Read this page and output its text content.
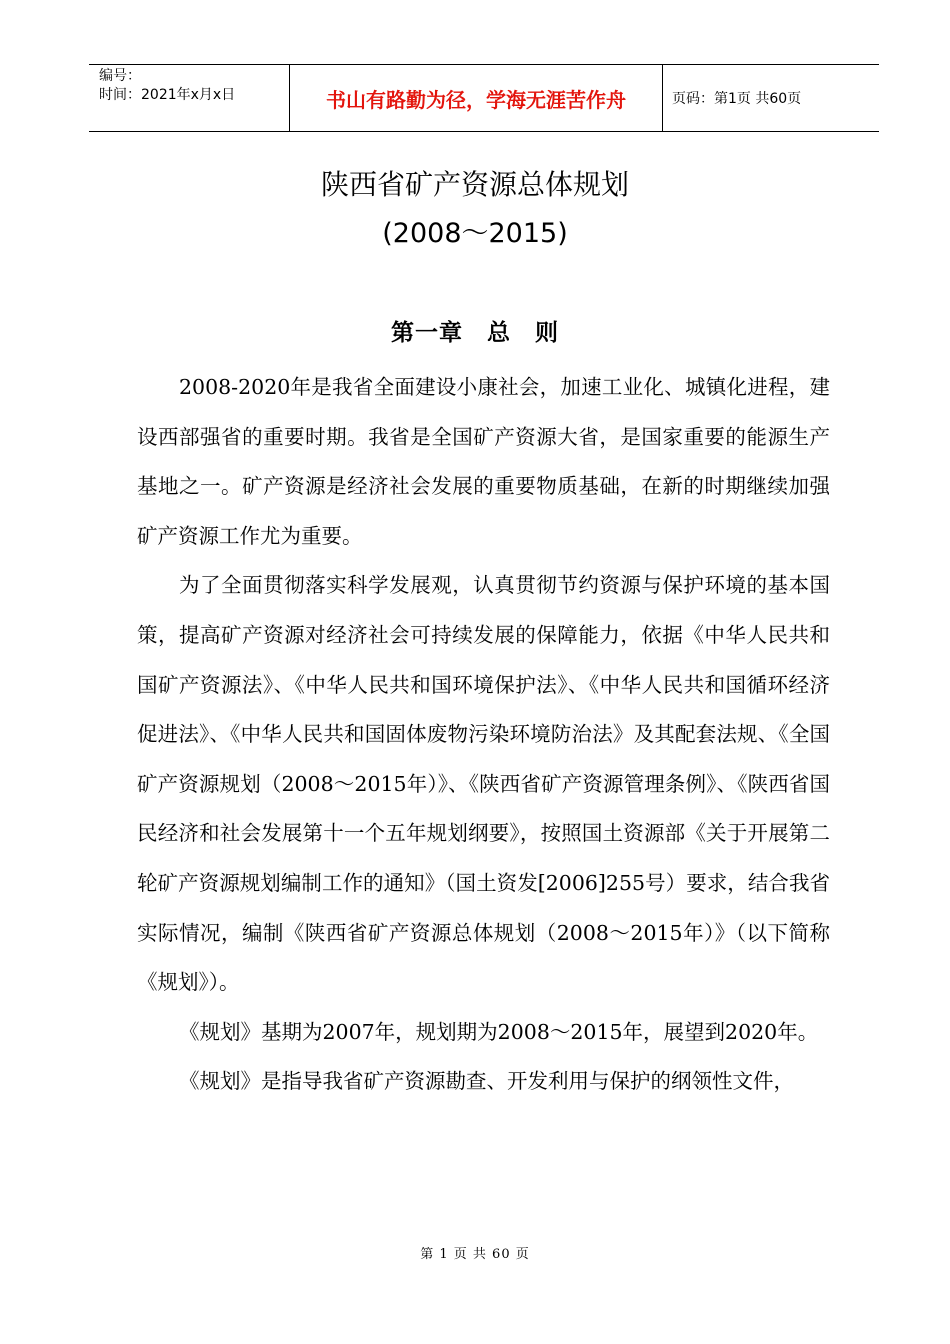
编号：
时间：2021年x月x日	书山有路勤为径，学海无涯苦作舟	页码：第1页 共60页
陕西省矿产资源总体规划
(2008～2015)
第一章　总　则

2008-2020年是我省全面建设小康社会，加速工业化、城镇化进程，建设西部强省的重要时期。我省是全国矿产资源大省，是国家重要的能源生产基地之一。矿产资源是经济社会发展的重要物质基础，在新的时期继续加强矿产资源工作尤为重要。

为了全面贯彻落实科学发展观，认真贯彻节约资源与保护环境的基本国策，提高矿产资源对经济社会可持续发展的保障能力，依据《中华人民共和国矿产资源法》、《中华人民共和国环境保护法》、《中华人民共和国循环经济促进法》、《中华人民共和国固体废物污染环境防治法》及其配套法规、《全国矿产资源规划（2008～2015年）》、《陕西省矿产资源管理条例》、《陕西省国民经济和社会发展第十一个五年规划纲要》，按照国土资源部《关于开展第二轮矿产资源规划编制工作的通知》（国土资发[2006]255号）要求，结合我省实际情况，编制《陕西省矿产资源总体规划（2008～2015年）》（以下简称《规划》）。

《规划》基期为2007年，规划期为2008～2015年，展望到2020年。

《规划》是指导我省矿产资源勘查、开发利用与保护的纲领性文件，

第 1 页 共 60 页
